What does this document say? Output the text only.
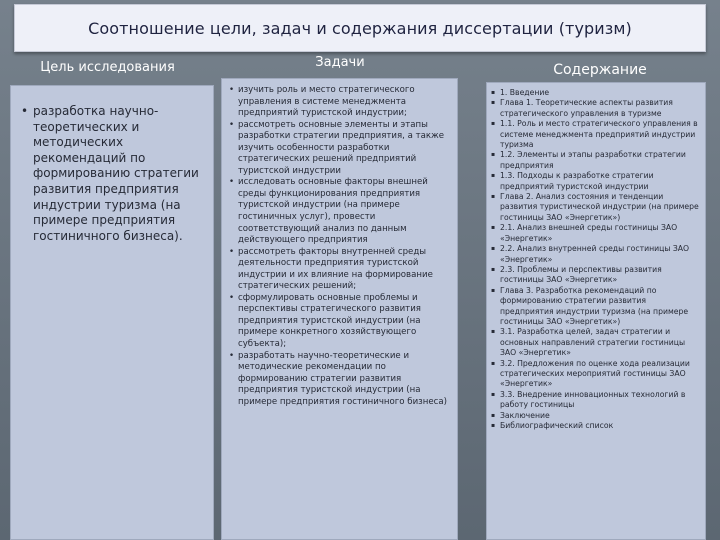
Соотношение цели, задач и содержания диссертации (туризм)
Цель исследования	Задачи	Содержание
• разработка научно-теоретических и методических рекомендаций по формированию стратегии развития предприятия индустрии туризма (на примере предприятия гостиничного бизнеса).
• изучить роль и место стратегического управления в системе менеджмента предприятий туристской индустрии;
• рассмотреть основные элементы и этапы разработки стратегии предприятия, а также изучить особенности разработки стратегических решений предприятий туристской индустрии
• исследовать основные факторы внешней среды функционирования предприятия туристской индустрии (на примере гостиничных услуг), провести соответствующий анализ по данным действующего предприятия
• рассмотреть факторы внутренней среды деятельности предприятия туристской индустрии и их влияние на формирование стратегических решений;
• сформулировать основные проблемы и перспективы стратегического развития предприятия туристской индустрии (на примере конкретного хозяйствующего субъекта);
• разработать научно-теоретические и методические рекомендации по формированию стратегии развития предприятия туристской индустрии (на примере предприятия гостиничного бизнеса)
▪ 1. Введение
▪ Глава 1. Теоретические аспекты развития стратегического управления в туризме
▪ 1.1. Роль и место стратегического управления в системе менеджмента предприятий индустрии туризма
▪ 1.2. Элементы и этапы разработки стратегии предприятия
▪ 1.3. Подходы к разработке стратегии предприятий туристской индустрии
▪ Глава 2. Анализ состояния и тенденции развития туристической индустрии (на примере гостиницы ЗАО «Энергетик»)
▪ 2.1. Анализ внешней среды гостиницы ЗАО «Энергетик»
▪ 2.2. Анализ внутренней среды гостиницы ЗАО «Энергетик»
▪ 2.3. Проблемы и перспективы развития гостиницы ЗАО «Энергетик»
▪ Глава 3. Разработка рекомендаций по формированию стратегии развития предприятия индустрии туризма (на примере гостиницы ЗАО «Энергетик»)
▪ 3.1. Разработка целей, задач стратегии и основных направлений стратегии гостиницы ЗАО «Энергетик»
▪ 3.2. Предложения по оценке хода реализации стратегических мероприятий гостиницы ЗАО «Энергетик»
▪ 3.3. Внедрение инновационных технологий в работу гостиницы
▪ Заключение
▪ Библиографический список
